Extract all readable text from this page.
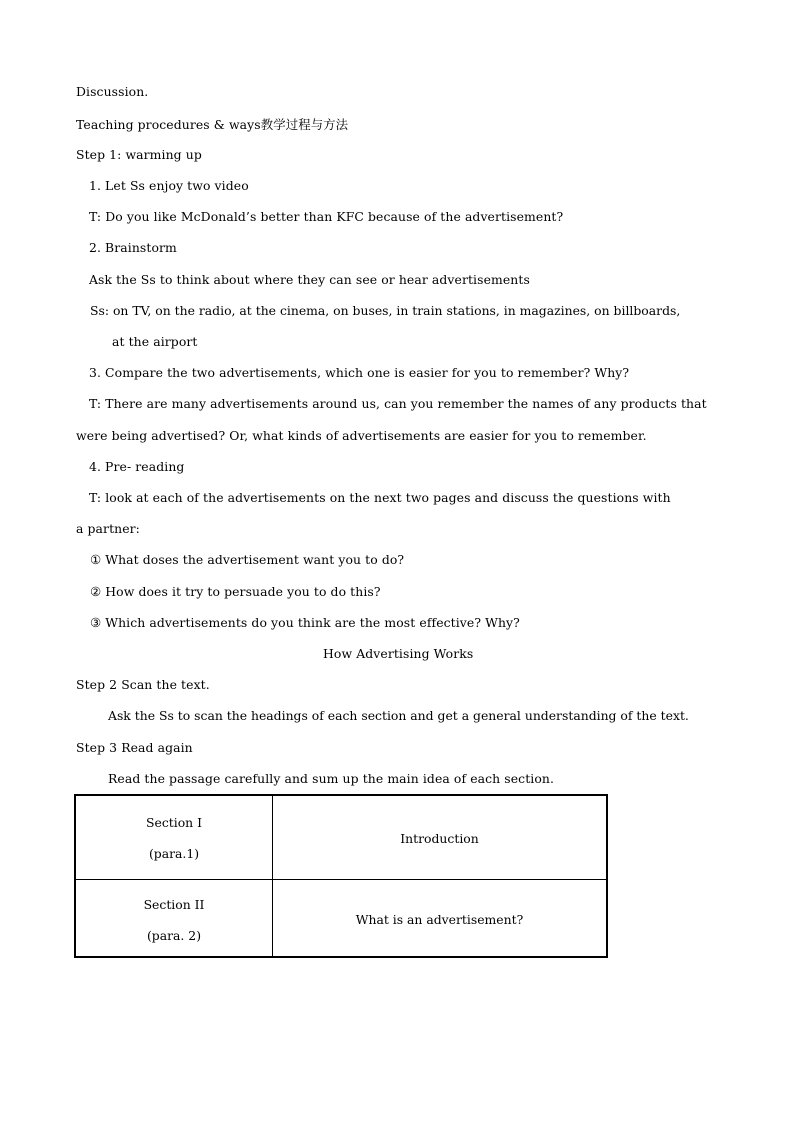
Discussion.
Teaching procedures & ways教学过程与方法
Step 1: warming up
1. Let Ss enjoy two video
T: Do you like McDonald’s better than KFC because of the advertisement?
2. Brainstorm
Ask the Ss to think about where they can see or hear advertisements
Ss: on TV, on the radio, at the cinema, on buses, in train stations, in magazines, on billboards,
at the airport
3. Compare the two advertisements, which one is easier for you to remember? Why?
T: There are many advertisements around us, can you remember the names of any products that
were being advertised? Or, what kinds of advertisements are easier for you to remember.
4. Pre- reading
T: look at each of the advertisements on the next two pages and discuss the questions with
a partner:
① What doses the advertisement want you to do?
② How does it try to persuade you to do this?
③ Which advertisements do you think are the most effective? Why?
How Advertising Works
Step 2 Scan the text.
Ask the Ss to scan the headings of each section and get a general understanding of the text.
Step 3 Read again
Read the passage carefully and sum up the main idea of each section.
Section I
(para.1)
Introduction
Section II
(para. 2)
What is an advertisement?
